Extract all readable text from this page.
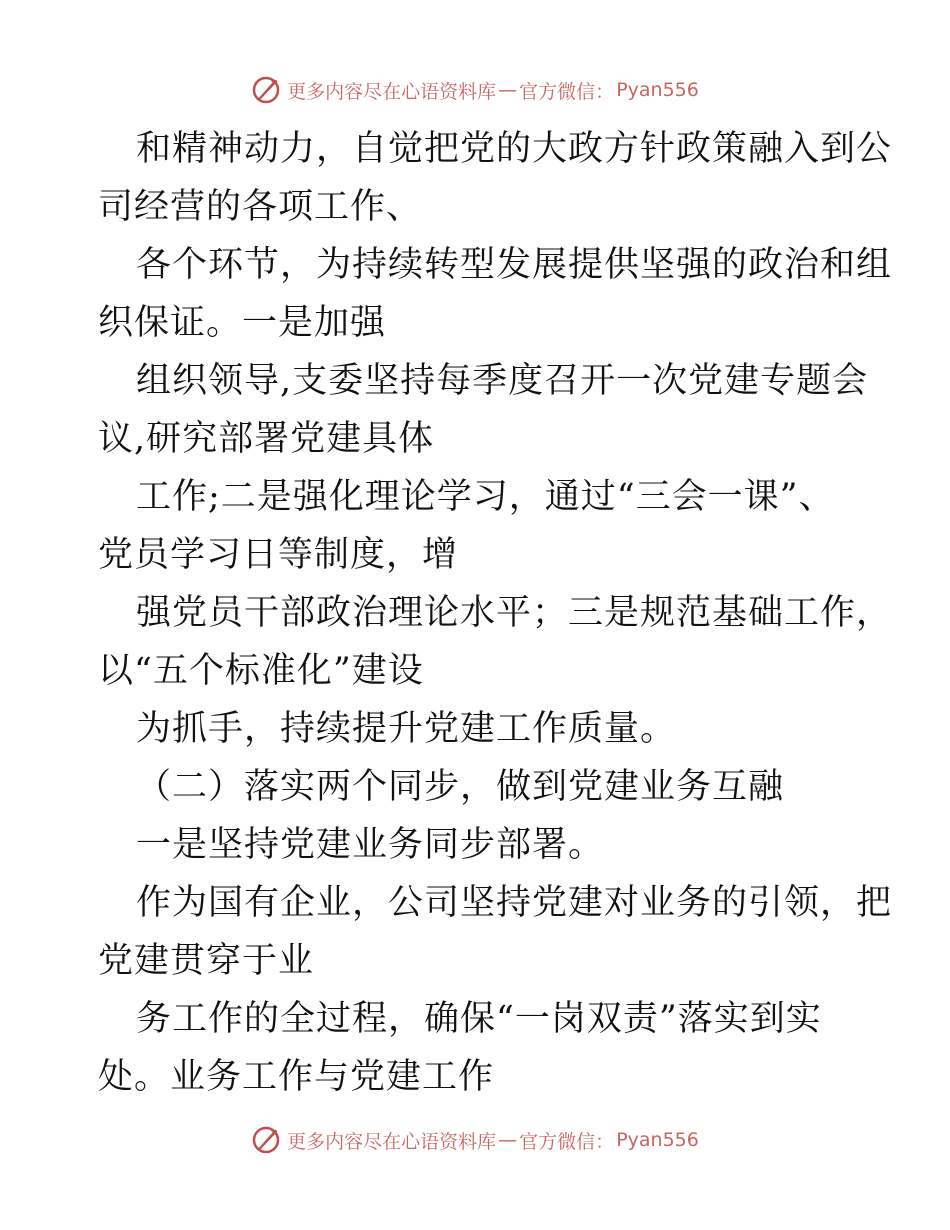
更多内容尽在心语资料库 — 官方微信： Pyan556
和精神动力，自觉把党的大政方针政策融入到公
司经营的各项工作、
各个环节，为持续转型发展提供坚强的政治和组
织保证。一是加强
组织领导,支委坚持每季度召开一次党建专题会
议,研究部署党建具体
工作;二是强化理论学习，通过“三会一课”、
党员学习日等制度，增
强党员干部政治理论水平；三是规范基础工作，
以“五个标准化”建设
为抓手，持续提升党建工作质量。
（二）落实两个同步，做到党建业务互融
一是坚持党建业务同步部署。
作为国有企业，公司坚持党建对业务的引领，把
党建贯穿于业
务工作的全过程，确保“一岗双责”落实到实
处。业务工作与党建工作
更多内容尽在心语资料库 — 官方微信： Pyan556
